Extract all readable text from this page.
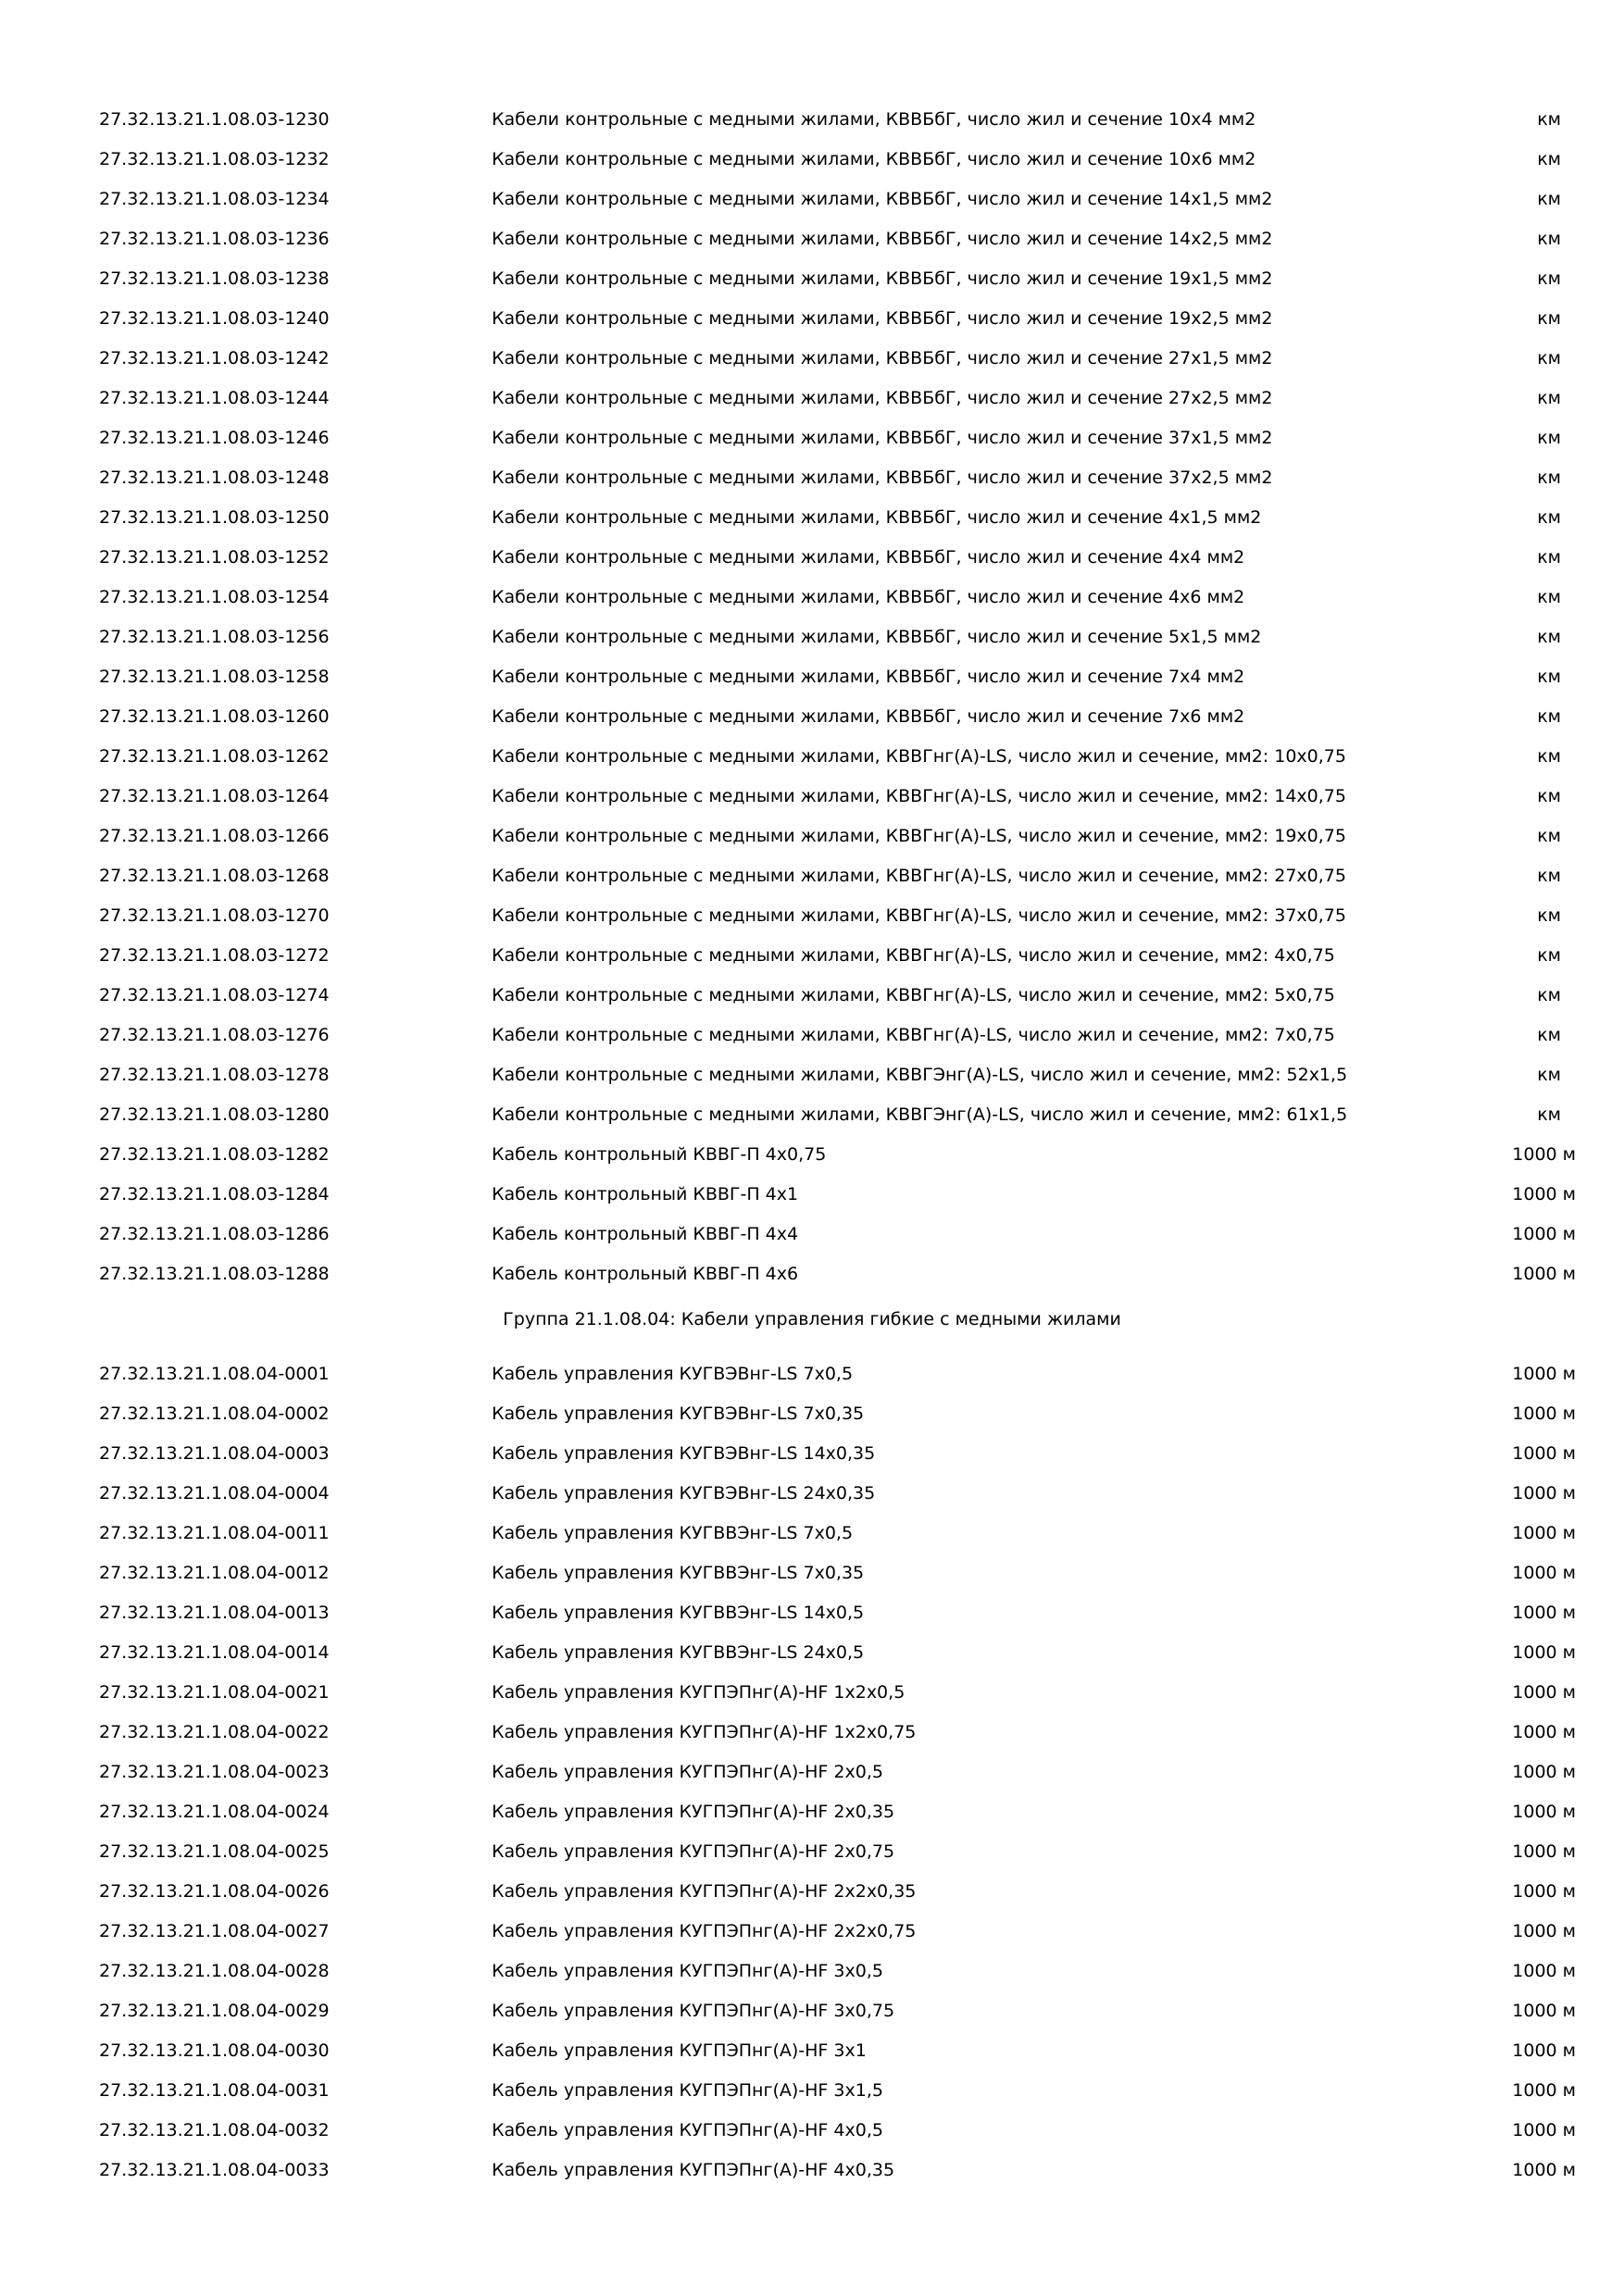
27.32.13.21.1.08.03-1230	Кабели контрольные с медными жилами, КВВБбГ, число жил и сечение 10х4 мм2	км
27.32.13.21.1.08.03-1232	Кабели контрольные с медными жилами, КВВБбГ, число жил и сечение 10х6 мм2	км
27.32.13.21.1.08.03-1234	Кабели контрольные с медными жилами, КВВБбГ, число жил и сечение 14х1,5 мм2	км
27.32.13.21.1.08.03-1236	Кабели контрольные с медными жилами, КВВБбГ, число жил и сечение 14х2,5 мм2	км
27.32.13.21.1.08.03-1238	Кабели контрольные с медными жилами, КВВБбГ, число жил и сечение 19х1,5 мм2	км
27.32.13.21.1.08.03-1240	Кабели контрольные с медными жилами, КВВБбГ, число жил и сечение 19х2,5 мм2	км
27.32.13.21.1.08.03-1242	Кабели контрольные с медными жилами, КВВБбГ, число жил и сечение 27х1,5 мм2	км
27.32.13.21.1.08.03-1244	Кабели контрольные с медными жилами, КВВБбГ, число жил и сечение 27х2,5 мм2	км
27.32.13.21.1.08.03-1246	Кабели контрольные с медными жилами, КВВБбГ, число жил и сечение 37х1,5 мм2	км
27.32.13.21.1.08.03-1248	Кабели контрольные с медными жилами, КВВБбГ, число жил и сечение 37х2,5 мм2	км
27.32.13.21.1.08.03-1250	Кабели контрольные с медными жилами, КВВБбГ, число жил и сечение 4х1,5 мм2	км
27.32.13.21.1.08.03-1252	Кабели контрольные с медными жилами, КВВБбГ, число жил и сечение 4х4 мм2	км
27.32.13.21.1.08.03-1254	Кабели контрольные с медными жилами, КВВБбГ, число жил и сечение 4х6 мм2	км
27.32.13.21.1.08.03-1256	Кабели контрольные с медными жилами, КВВБбГ, число жил и сечение 5х1,5 мм2	км
27.32.13.21.1.08.03-1258	Кабели контрольные с медными жилами, КВВБбГ, число жил и сечение 7х4 мм2	км
27.32.13.21.1.08.03-1260	Кабели контрольные с медными жилами, КВВБбГ, число жил и сечение 7х6 мм2	км
27.32.13.21.1.08.03-1262	Кабели контрольные с медными жилами, КВВГнг(А)-LS, число жил и сечение, мм2: 10х0,75	км
27.32.13.21.1.08.03-1264	Кабели контрольные с медными жилами, КВВГнг(А)-LS, число жил и сечение, мм2: 14х0,75	км
27.32.13.21.1.08.03-1266	Кабели контрольные с медными жилами, КВВГнг(А)-LS, число жил и сечение, мм2: 19х0,75	км
27.32.13.21.1.08.03-1268	Кабели контрольные с медными жилами, КВВГнг(А)-LS, число жил и сечение, мм2: 27х0,75	км
27.32.13.21.1.08.03-1270	Кабели контрольные с медными жилами, КВВГнг(А)-LS, число жил и сечение, мм2: 37х0,75	км
27.32.13.21.1.08.03-1272	Кабели контрольные с медными жилами, КВВГнг(А)-LS, число жил и сечение, мм2: 4х0,75	км
27.32.13.21.1.08.03-1274	Кабели контрольные с медными жилами, КВВГнг(А)-LS, число жил и сечение, мм2: 5х0,75	км
27.32.13.21.1.08.03-1276	Кабели контрольные с медными жилами, КВВГнг(А)-LS, число жил и сечение, мм2: 7х0,75	км
27.32.13.21.1.08.03-1278	Кабели контрольные с медными жилами, КВВГЭнг(А)-LS, число жил и сечение, мм2: 52х1,5	км
27.32.13.21.1.08.03-1280	Кабели контрольные с медными жилами, КВВГЭнг(А)-LS, число жил и сечение, мм2: 61х1,5	км
27.32.13.21.1.08.03-1282	Кабель контрольный КВВГ-П 4х0,75	1000 м
27.32.13.21.1.08.03-1284	Кабель контрольный КВВГ-П 4х1	1000 м
27.32.13.21.1.08.03-1286	Кабель контрольный КВВГ-П 4х4	1000 м
27.32.13.21.1.08.03-1288	Кабель контрольный КВВГ-П 4х6	1000 м
Группа 21.1.08.04: Кабели управления гибкие с медными жилами
27.32.13.21.1.08.04-0001	Кабель управления КУГВЭВнг-LS 7х0,5	1000 м
27.32.13.21.1.08.04-0002	Кабель управления КУГВЭВнг-LS 7х0,35	1000 м
27.32.13.21.1.08.04-0003	Кабель управления КУГВЭВнг-LS 14х0,35	1000 м
27.32.13.21.1.08.04-0004	Кабель управления КУГВЭВнг-LS 24х0,35	1000 м
27.32.13.21.1.08.04-0011	Кабель управления КУГВВЭнг-LS 7х0,5	1000 м
27.32.13.21.1.08.04-0012	Кабель управления КУГВВЭнг-LS 7х0,35	1000 м
27.32.13.21.1.08.04-0013	Кабель управления КУГВВЭнг-LS 14х0,5	1000 м
27.32.13.21.1.08.04-0014	Кабель управления КУГВВЭнг-LS 24х0,5	1000 м
27.32.13.21.1.08.04-0021	Кабель управления КУГПЭПнг(А)-HF 1х2х0,5	1000 м
27.32.13.21.1.08.04-0022	Кабель управления КУГПЭПнг(А)-HF 1х2х0,75	1000 м
27.32.13.21.1.08.04-0023	Кабель управления КУГПЭПнг(А)-HF 2х0,5	1000 м
27.32.13.21.1.08.04-0024	Кабель управления КУГПЭПнг(А)-HF 2х0,35	1000 м
27.32.13.21.1.08.04-0025	Кабель управления КУГПЭПнг(А)-HF 2х0,75	1000 м
27.32.13.21.1.08.04-0026	Кабель управления КУГПЭПнг(А)-HF 2х2х0,35	1000 м
27.32.13.21.1.08.04-0027	Кабель управления КУГПЭПнг(А)-HF 2х2х0,75	1000 м
27.32.13.21.1.08.04-0028	Кабель управления КУГПЭПнг(А)-HF 3х0,5	1000 м
27.32.13.21.1.08.04-0029	Кабель управления КУГПЭПнг(А)-HF 3х0,75	1000 м
27.32.13.21.1.08.04-0030	Кабель управления КУГПЭПнг(А)-HF 3х1	1000 м
27.32.13.21.1.08.04-0031	Кабель управления КУГПЭПнг(А)-HF 3х1,5	1000 м
27.32.13.21.1.08.04-0032	Кабель управления КУГПЭПнг(А)-HF 4х0,5	1000 м
27.32.13.21.1.08.04-0033	Кабель управления КУГПЭПнг(А)-HF 4х0,35	1000 м
